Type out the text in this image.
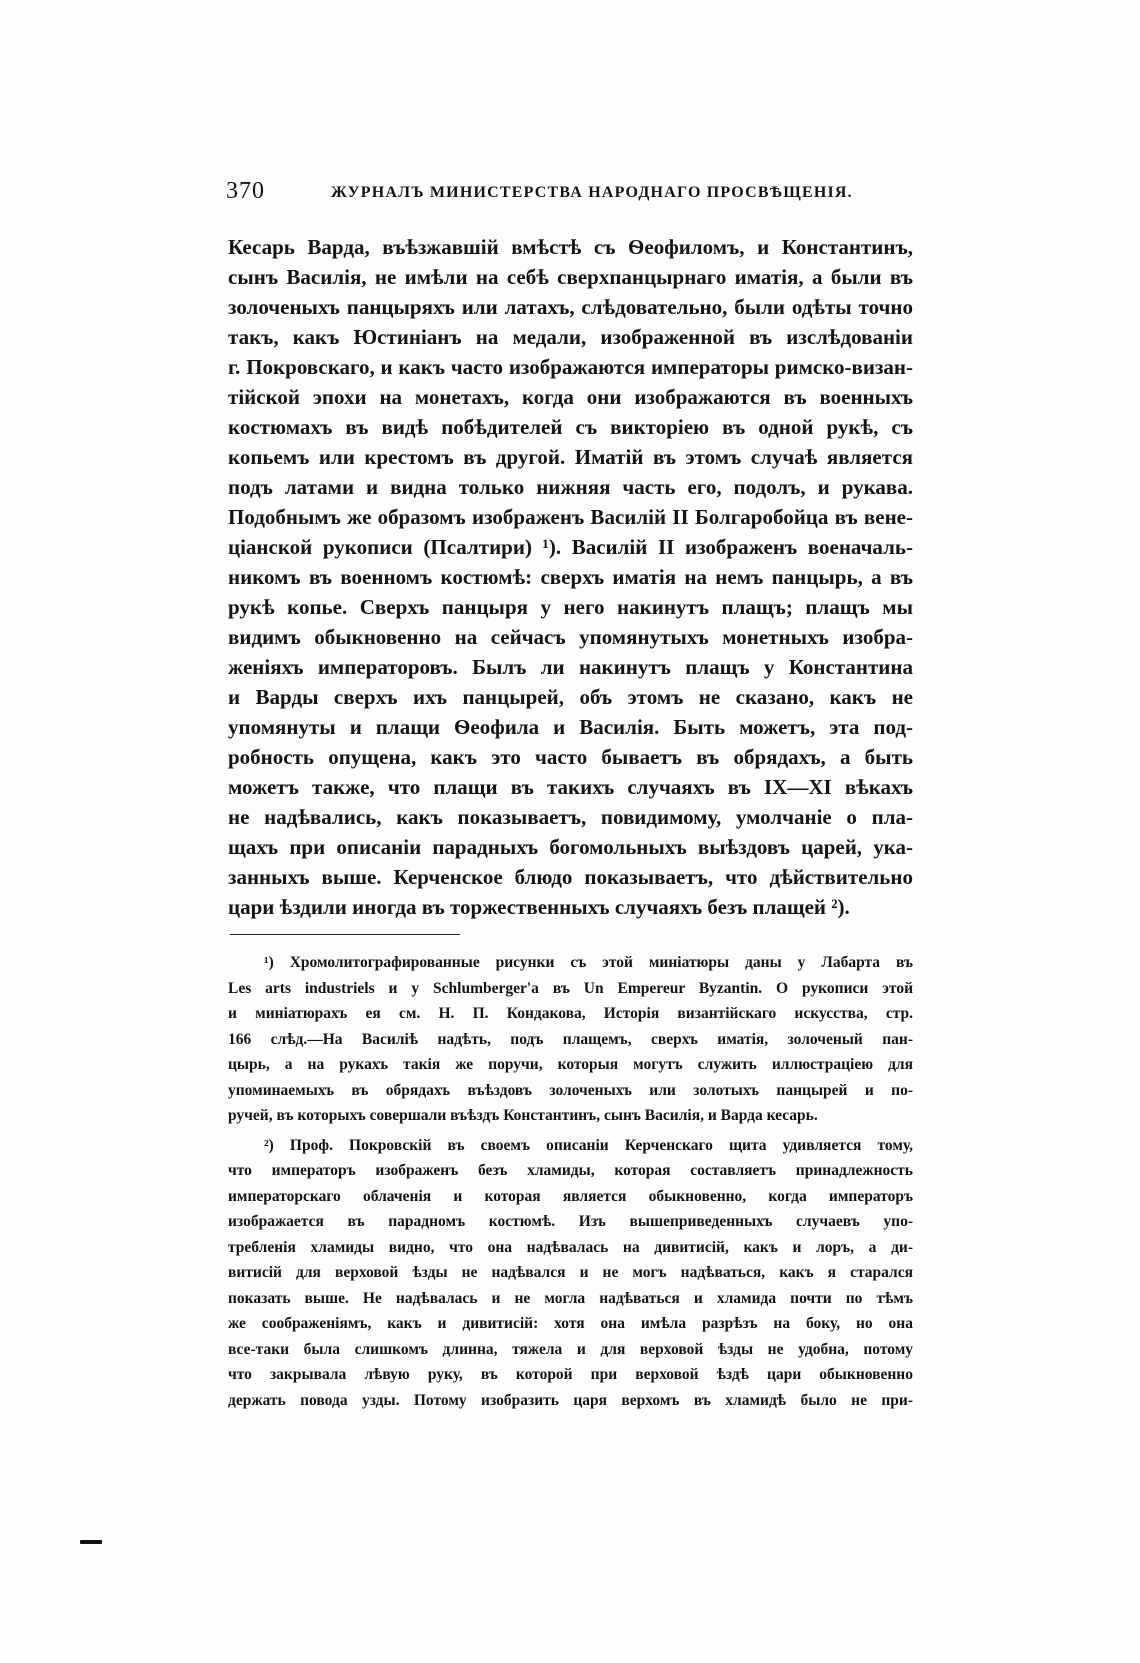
370	ЖУРНАЛЪ МИНИСТЕРСТВА НАРОДНАГО ПРОСВѢЩЕНІЯ.
Кесарь Варда, въѣзжавшій вмѣстѣ съ Ѳеофиломъ, и Константинъ,
сынъ Василія, не имѣли на себѣ сверхпанцырнаго иматія, а были въ
золоченыхъ панцыряхъ или латахъ, слѣдовательно, были одѣты точно
такъ, какъ Юстиніанъ на медали, изображенной въ изслѣдованіи
г. Покровскаго, и какъ часто изображаются императоры римско-визан-
тійской эпохи на монетахъ, когда они изображаются въ военныхъ
костюмахъ въ видѣ побѣдителей съ викторіею въ одной рукѣ, съ
копьемъ или крестомъ въ другой. Иматій въ этомъ случаѣ является
подъ латами и видна только нижняя часть его, подолъ, и рукава.
Подобнымъ же образомъ изображенъ Василій II Болгаробойца въ вене-
ціанской рукописи (Псалтири) ¹). Василій II изображенъ военачаль-
никомъ въ военномъ костюмѣ: сверхъ иматія на немъ панцырь, а въ
рукѣ копье. Сверхъ панцыря у него накинутъ плащъ; плащъ мы
видимъ обыкновенно на сейчасъ упомянутыхъ монетныхъ изобра-
женіяхъ императоровъ. Былъ ли накинутъ плащъ у Константина
и Варды сверхъ ихъ панцырей, объ этомъ не сказано, какъ не
упомянуты и плащи Ѳеофила и Василія. Быть можетъ, эта под-
робность опущена, какъ это часто бываетъ въ обрядахъ, а быть
можетъ также, что плащи въ такихъ случаяхъ въ IX—XI вѣкахъ
не надѣвались, какъ показываетъ, повидимому, умолчаніе о пла-
щахъ при описаніи парадныхъ богомольныхъ выѣздовъ царей, ука-
занныхъ выше. Керченское блюдо показываетъ, что дѣйствительно
цари ѣздили иногда въ торжественныхъ случаяхъ безъ плащей ²).
¹) Хромолитографированные рисунки съ этой миніатюры даны у Лабарта въ
Les arts industriels и у Schlumberger'а въ Un Empereur Byzantin. О рукописи этой
и миніатюрахъ ея см. Н. П. Кондакова, Исторія византійскаго искусства, стр.
166 слѣд.—На Василіѣ надѣть, подъ плащемъ, сверхъ иматія, золоченый пан-
цырь, а на рукахъ такія же поручи, которыя могутъ служить иллюстраціею для
упоминаемыхъ въ обрядахъ въѣздовъ золоченыхъ или золотыхъ панцырей и по-
ручей, въ которыхъ совершали въѣздъ Константинъ, сынъ Василія, и Варда кесарь.
²) Проф. Покровскій въ своемъ описаніи Керченскаго щита удивляется тому,
что императоръ изображенъ безъ хламиды, которая составляетъ принадлежность
императорскаго облаченія и которая является обыкновенно, когда императоръ
изображается въ парадномъ костюмѣ. Изъ вышеприведенныхъ случаевъ упо-
требленія хламиды видно, что она надѣвалась на дивитисій, какъ и лоръ, а ди-
витисій для верховой ѣзды не надѣвался и не могъ надѣваться, какъ я старался
показать выше. Не надѣвалась и не могла надѣваться и хламида почти по тѣмъ
же соображеніямъ, какъ и дивитисій: хотя она имѣла разрѣзъ на боку, но она
все-таки была слишкомъ длинна, тяжела и для верховой ѣзды не удобна, потому
что закрывала лѣвую руку, въ которой при верховой ѣздѣ цари обыкновенно
держать повода узды. Потому изобразить царя верхомъ въ хламидѣ было не при-
